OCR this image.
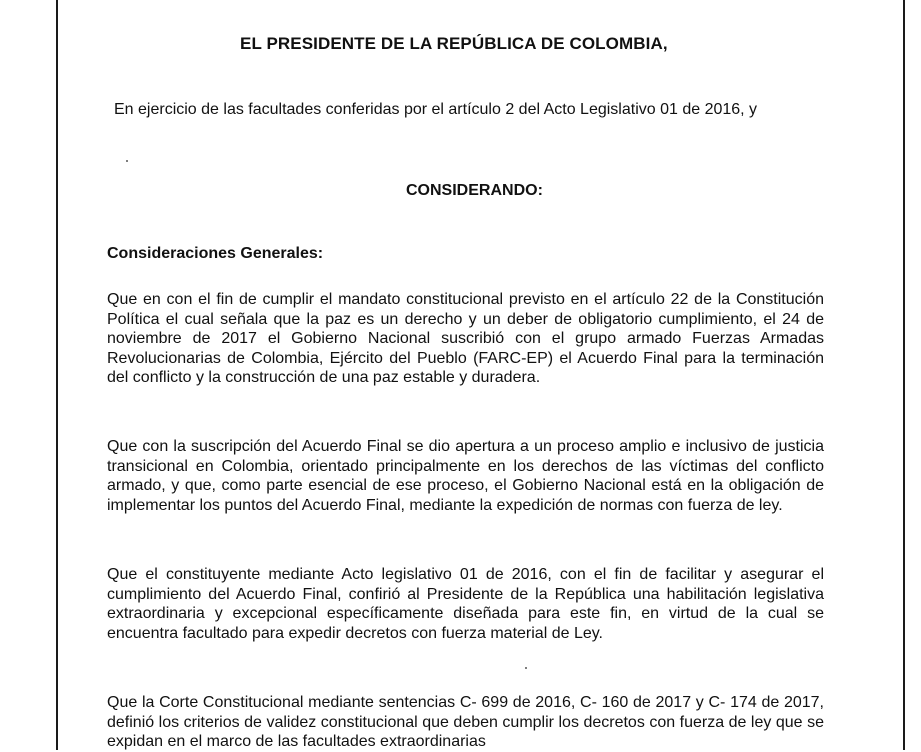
EL PRESIDENTE DE LA REPÚBLICA DE COLOMBIA,
En ejercicio de las facultades conferidas por el artículo 2 del Acto Legislativo 01 de 2016, y
CONSIDERANDO:
Consideraciones Generales:
Que en con el fin de cumplir el mandato constitucional previsto en el artículo 22 de la Constitución Política el cual señala que la paz es un derecho y un deber de obligatorio cumplimiento, el 24 de noviembre de 2017 el Gobierno Nacional suscribió con el grupo armado Fuerzas Armadas Revolucionarias de Colombia, Ejército del Pueblo (FARC-EP) el Acuerdo Final para la terminación del conflicto y la construcción de una paz estable y duradera.
Que con la suscripción del Acuerdo Final se dio apertura a un proceso amplio e inclusivo de justicia transicional en Colombia, orientado principalmente en los derechos de las víctimas del conflicto armado, y que, como parte esencial de ese proceso, el Gobierno Nacional está en la obligación de implementar los puntos del Acuerdo Final, mediante la expedición de normas con fuerza de ley.
Que el constituyente mediante Acto legislativo 01 de 2016, con el fin de facilitar y asegurar el cumplimiento del Acuerdo Final, confirió al Presidente de la República una habilitación legislativa extraordinaria y excepcional específicamente diseñada para este fin, en virtud de la cual se encuentra facultado para expedir decretos con fuerza material de Ley.
Que la Corte Constitucional mediante sentencias C- 699 de 2016, C- 160 de 2017 y C- 174 de 2017, definió los criterios de validez constitucional que deben cumplir los decretos con fuerza de ley que se expidan en el marco de las facultades extraordinarias
